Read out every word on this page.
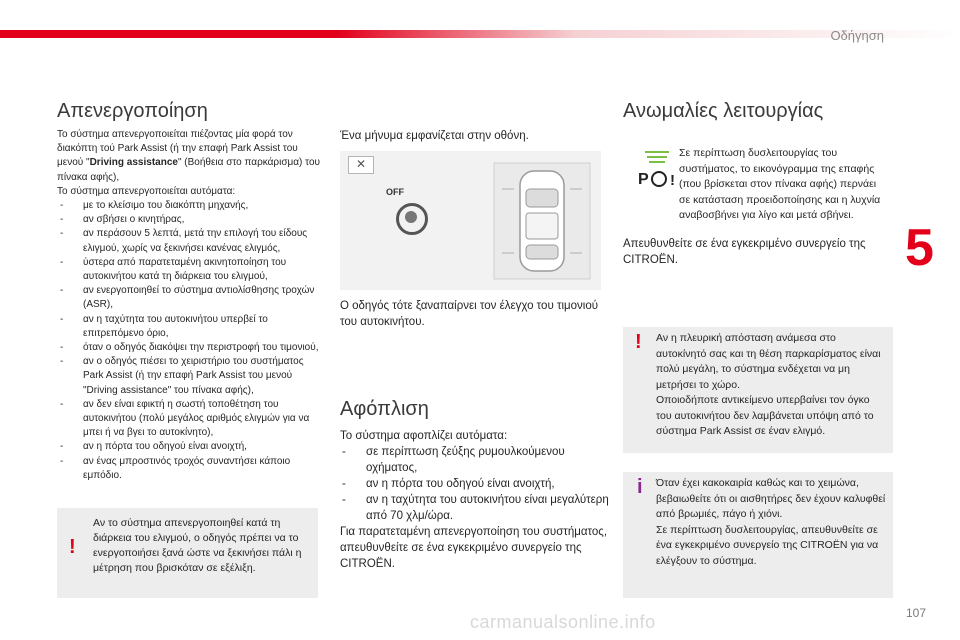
Οδήγηση
5
107
carmanualsonline.info
Απενεργοποίηση

Το σύστημα απενεργοποιείται πιέζοντας μία φορά τον διακόπτη τού Park Assist (ή την επαφή Park Assist του μενού "Driving assistance" (Βοήθεια στο παρκάρισμα) του πίνακα αφής),

Το σύστημα απενεργοποιείται αυτόματα:

- με το κλείσιμο του διακόπτη μηχανής,
- αν σβήσει ο κινητήρας,
- αν περάσουν 5 λεπτά, μετά την επιλογή του είδους ελιγμού, χωρίς να ξεκινήσει κανένας ελιγμός,
- ύστερα από παρατεταμένη ακινητοποίηση του αυτοκινήτου κατά τη διάρκεια του ελιγμού,
- αν ενεργοποιηθεί το σύστημα αντιολίσθησης τροχών (ASR),
- αν η ταχύτητα του αυτοκινήτου υπερβεί το επιτρεπόμενο όριο,
- όταν ο οδηγός διακόψει την περιστροφή του τιμονιού,
- αν ο οδηγός πιέσει το χειριστήριο του συστήματος Park Assist (ή την επαφή Park Assist του μενού "Driving assistance" του πίνακα αφής),
- αν δεν είναι εφικτή η σωστή τοποθέτηση του αυτοκινήτου (πολύ μεγάλος αριθμός ελιγμών για να μπει ή να βγει το αυτοκίνητο),
- αν η πόρτα του οδηγού είναι ανοιχτή,
- αν ένας μπροστινός τροχός συναντήσει κάποιο εμπόδιο.
!
Αν το σύστημα απενεργοποιηθεί κατά τη διάρκεια του ελιγμού, ο οδηγός πρέπει να το ενεργοποιήσει ξανά ώστε να ξεκινήσει πάλι η μέτρηση που βρισκόταν σε εξέλιξη.
Ένα μήνυμα εμφανίζεται στην οθόνη.
✕
OFF
Ο οδηγός τότε ξαναπαίρνει τον έλεγχο του τιμονιού του αυτοκινήτου.
Αφόπλιση

Το σύστημα αφοπλίζει αυτόματα:

- σε περίπτωση ζεύξης ρυμουλκούμενου οχήματος,
- αν η πόρτα του οδηγού είναι ανοιχτή,
- αν η ταχύτητα του αυτοκινήτου είναι μεγαλύτερη από 70 χλμ/ώρα.

Για παρατεταμένη απενεργοποίηση του συστήματος, απευθυνθείτε σε ένα εγκεκριμένο συνεργείο της CITROËN.

Ανωμαλίες λειτουργίας
P !
Σε περίπτωση δυσλειτουργίας του συστήματος, το εικονόγραμμα της επαφής (που βρίσκεται στον πίνακα αφής) περνάει σε κατάσταση προειδοποίησης και η λυχνία αναβοσβήνει για λίγο και μετά σβήνει.
Απευθυνθείτε σε ένα εγκεκριμένο συνεργείο της CITROËN.
! Αν η πλευρική απόσταση ανάμεσα στο αυτοκίνητό σας και τη θέση παρκαρίσματος είναι πολύ μεγάλη, το σύστημα ενδέχεται να μη μετρήσει το χώρο.
Οποιοδήποτε αντικείμενο υπερβαίνει τον όγκο του αυτοκινήτου δεν λαμβάνεται υπόψη από το σύστημα Park Assist σε έναν ελιγμό.
i Όταν έχει κακοκαιρία καθώς και το χειμώνα, βεβαιωθείτε ότι οι αισθητήρες δεν έχουν καλυφθεί από βρωμιές, πάγο ή χιόνι.
Σε περίπτωση δυσλειτουργίας, απευθυνθείτε σε ένα εγκεκριμένο συνεργείο της CITROËN για να ελέγξουν το σύστημα.
